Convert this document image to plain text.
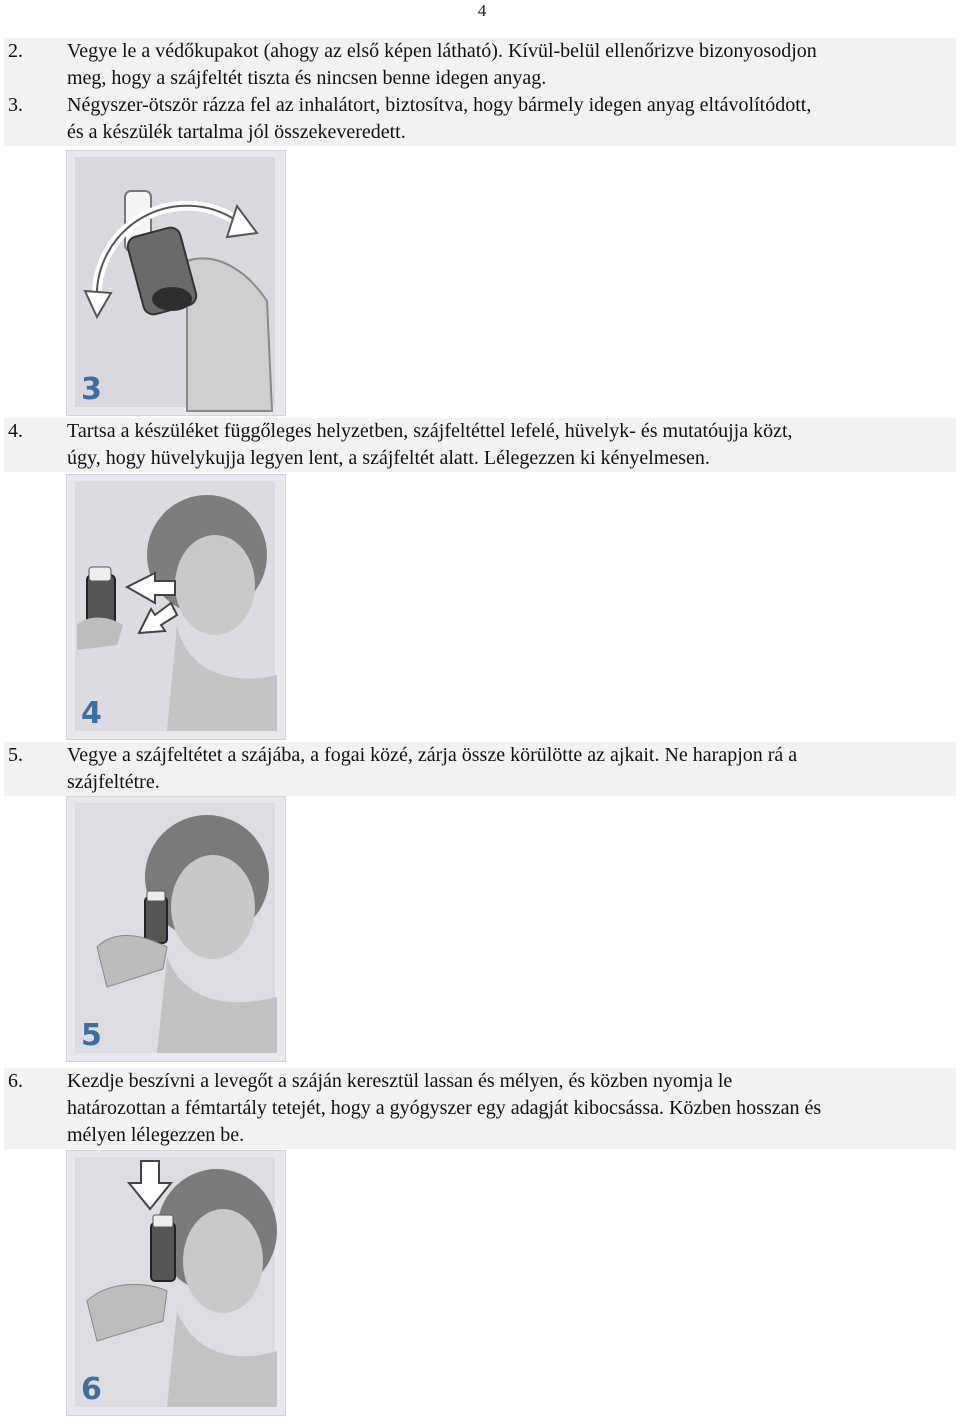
4
2. Vegye le a védőkupakot (ahogy az első képen látható). Kívül-belül ellenőrizve bizonyosodjon
meg, hogy a szájfeltét tiszta és nincsen benne idegen anyag.
3. Négyszer-ötször rázza fel az inhalátort, biztosítva, hogy bármely idegen anyag eltávolítódott,
és a készülék tartalma jól összekeveredett.
3
4. Tartsa a készüléket függőleges helyzetben, szájfeltéttel lefelé, hüvelyk- és mutatóujja közt,
úgy, hogy hüvelykujja legyen lent, a szájfeltét alatt. Lélegezzen ki kényelmesen.
4
5. Vegye a szájfeltétet a szájába, a fogai közé, zárja össze körülötte az ajkait. Ne harapjon rá a
szájfeltétre.
5
6. Kezdje beszívni a levegőt a száján keresztül lassan és mélyen, és közben nyomja le
határozottan a fémtartály tetejét, hogy a gyógyszer egy adagját kibocsássa. Közben hosszan és
mélyen lélegezzen be.
6
